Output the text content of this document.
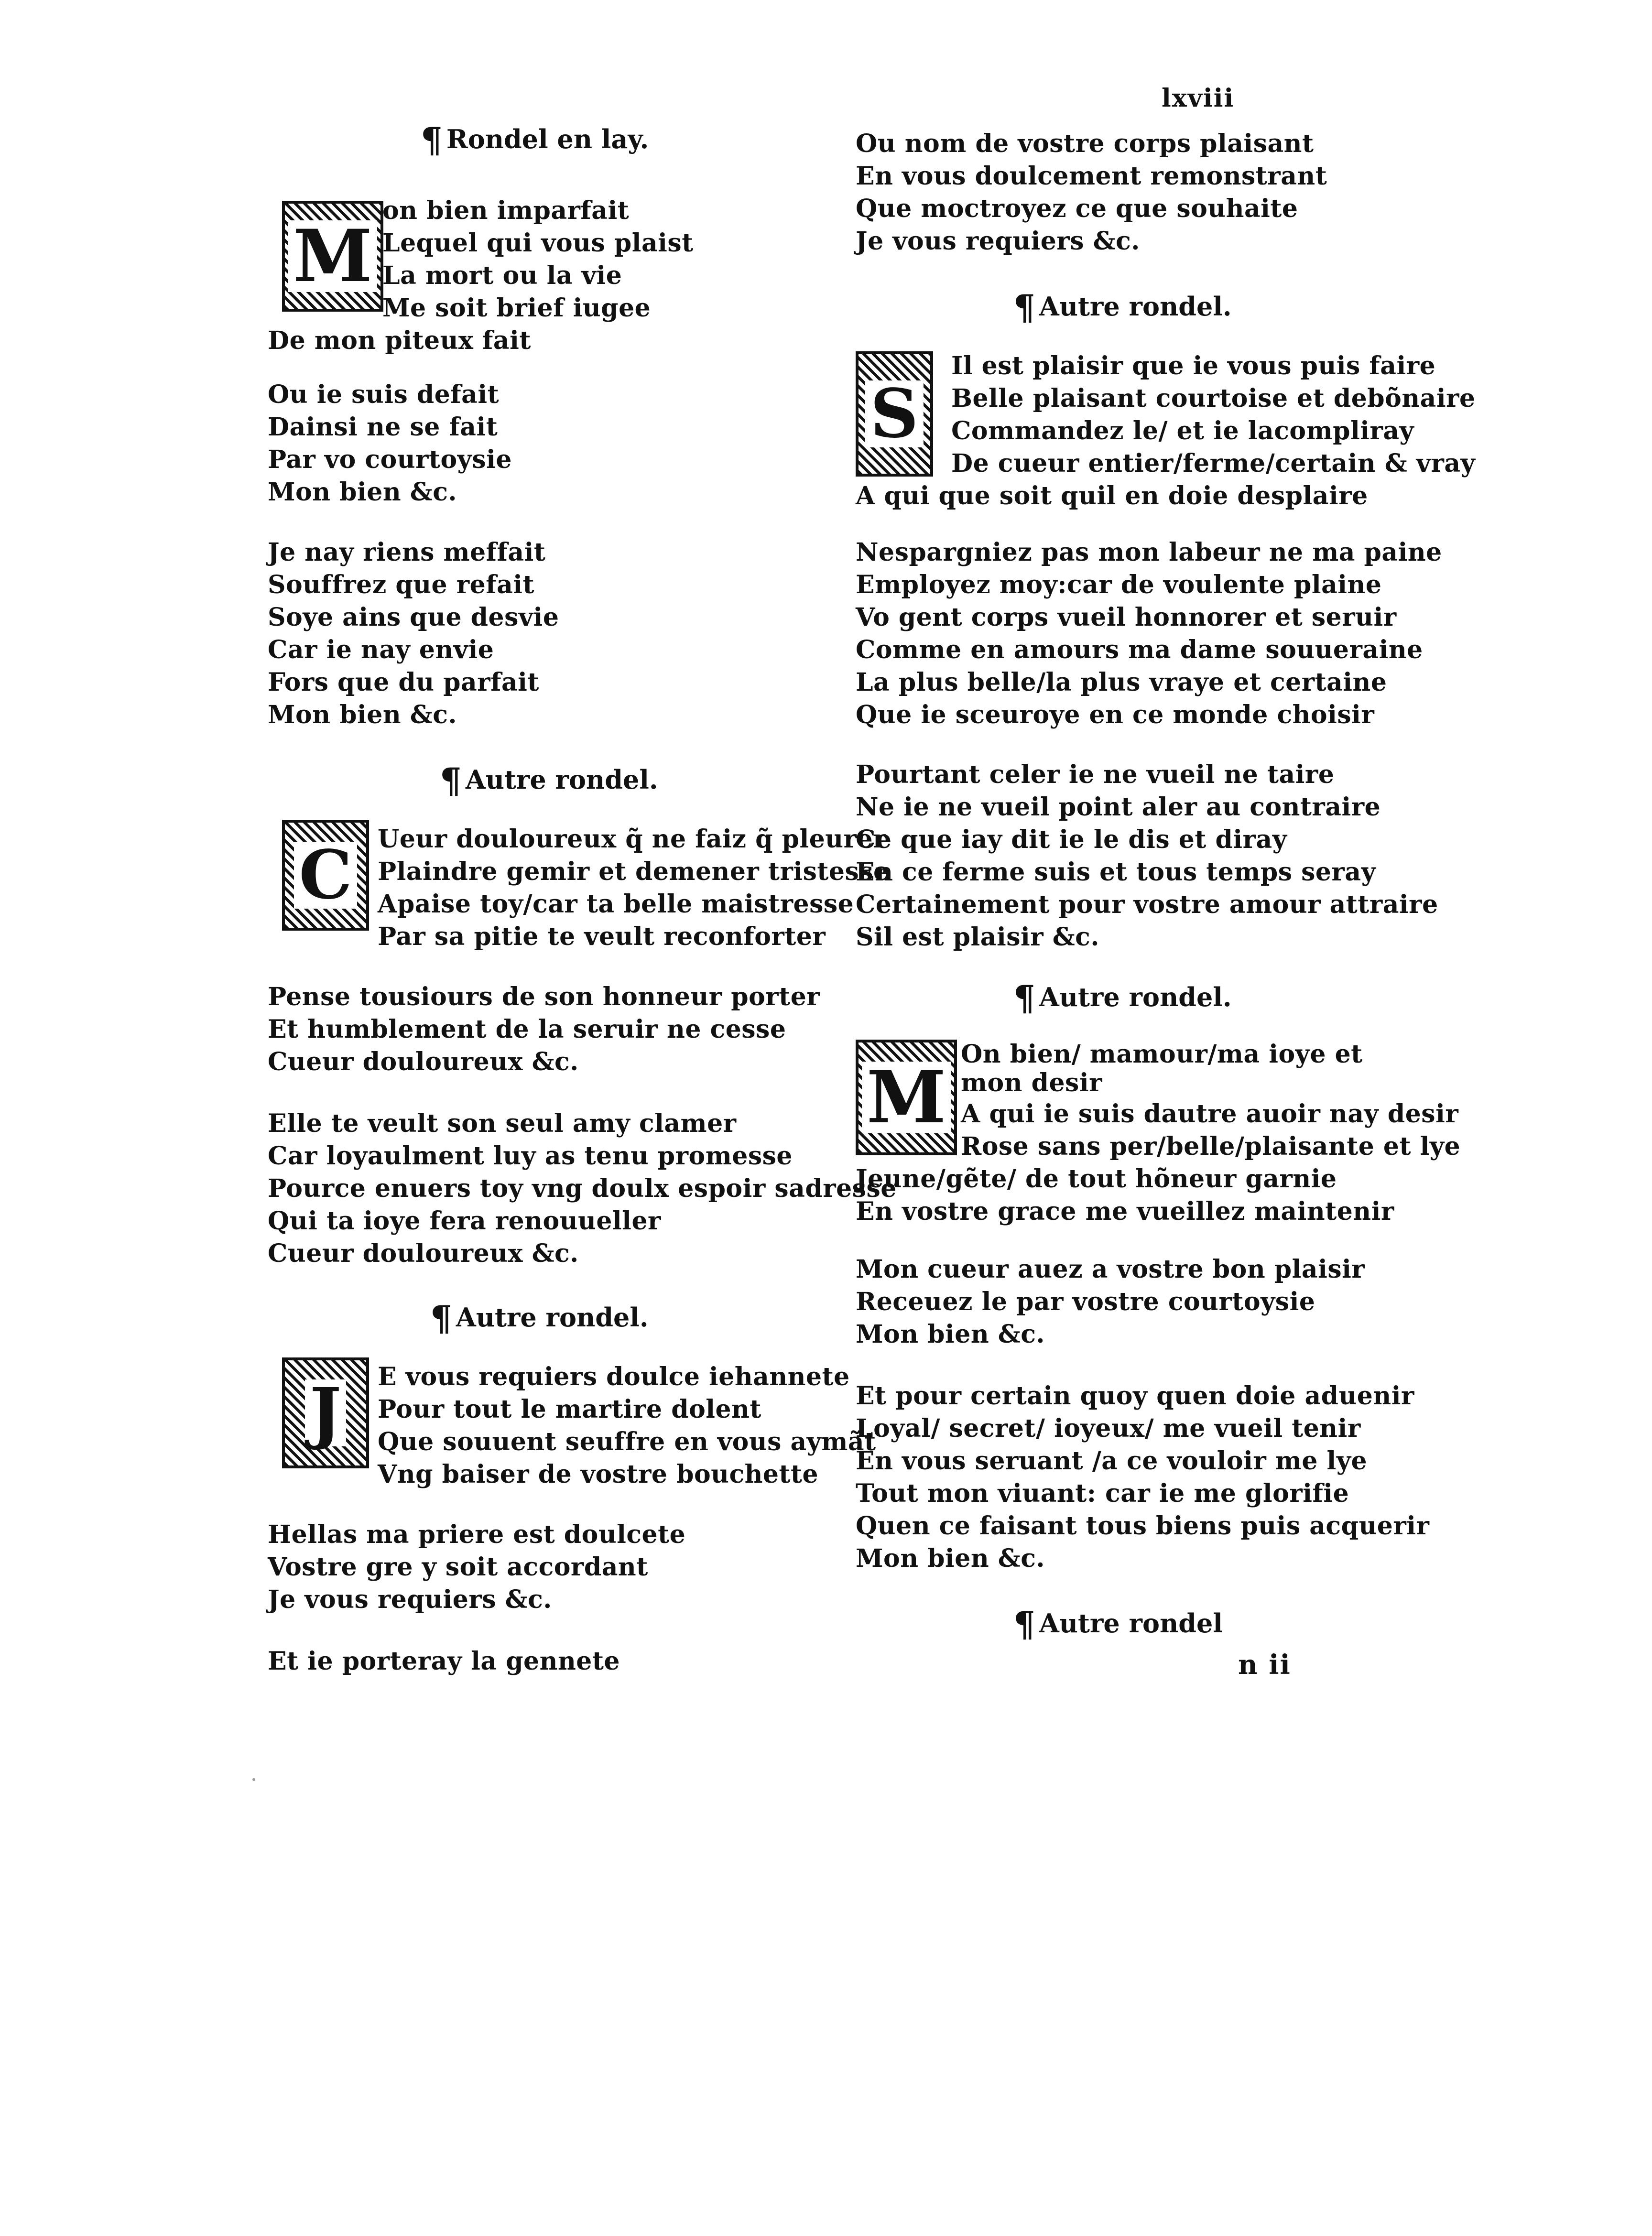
lxviii
¶ Rondel en lay.
M
on bien imparfait
Lequel qui vous plaist
La mort ou la vie
Me soit brief iugee
De mon piteux fait
Ou ie suis defait
Dainsi ne se fait
Par vo courtoysie
Mon bien &c.
Je nay riens meffait
Souffrez que refait
Soye ains que desvie
Car ie nay envie
Fors que du parfait
Mon bien &c.
¶ Autre rondel.
C Ueur douloureux q̃ ne faiz q̃ pleurer
Plaindre gemir et demener tristesse
Apaise toy/car ta belle maistresse
Par sa pitie te veult reconforter
Pense tousiours de son honneur porter
Et humblement de la seruir ne cesse
Cueur douloureux &c.
Elle te veult son seul amy clamer
Car loyaulment luy as tenu promesse
Pource enuers toy vng doulx espoir sadresse
Qui ta ioye fera renouueller
Cueur douloureux &c.
¶ Autre rondel.
J E vous requiers doulce iehannete
Pour tout le martire dolent
Que souuent seuffre en vous aymãt
Vng baiser de vostre bouchette
Hellas ma priere est doulcete
Vostre gre y soit accordant
Je vous requiers &c.
Et ie porteray la gennete
Ou nom de vostre corps plaisant
En vous doulcement remonstrant
Que moctroyez ce que souhaite
Je vous requiers &c.
¶ Autre rondel.
S
Il est plaisir que ie vous puis faire
Belle plaisant courtoise et debõnaire
Commandez le/ et ie lacompliray
De cueur entier/ferme/certain & vray
A qui que soit quil en doie desplaire
Nespargniez pas mon labeur ne ma paine
Employez moy:car de voulente plaine
Vo gent corps vueil honnorer et seruir
Comme en amours ma dame souueraine
La plus belle/la plus vraye et certaine
Que ie sceuroye en ce monde choisir
Pourtant celer ie ne vueil ne taire
Ne ie ne vueil point aler au contraire
Ce que iay dit ie le dis et diray
En ce ferme suis et tous temps seray
Certainement pour vostre amour attraire
Sil est plaisir &c.
¶ Autre rondel.
M
On bien/ mamour/ma ioye et
mon desir
A qui ie suis dautre auoir nay desir
Rose sans per/belle/plaisante et lye
Jeune/gẽte/ de tout hõneur garnie
En vostre grace me vueillez maintenir
Mon cueur auez a vostre bon plaisir
Receuez le par vostre courtoysie
Mon bien &c.
Et pour certain quoy quen doie aduenir
Loyal/ secret/ ioyeux/ me vueil tenir
En vous seruant /a ce vouloir me lye
Tout mon viuant: car ie me glorifie
Quen ce faisant tous biens puis acquerir
Mon bien &c.
¶ Autre rondel
n ii
